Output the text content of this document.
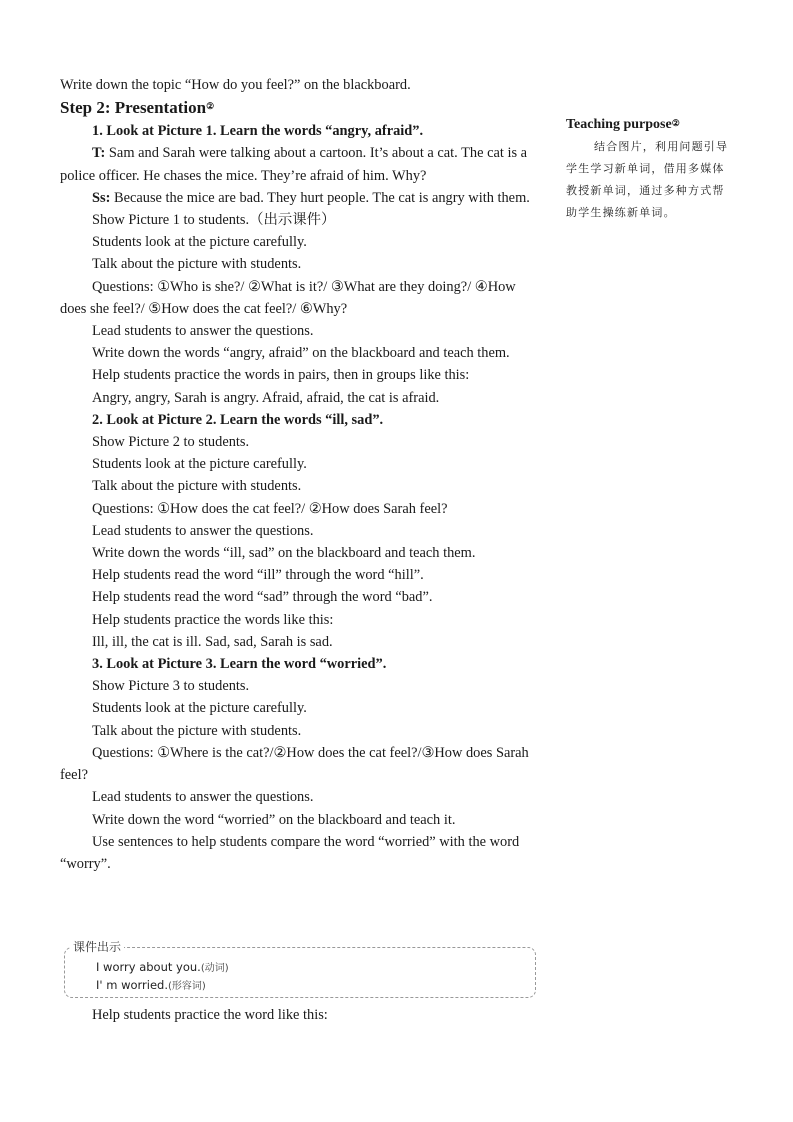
Write down the topic “How do you feel?” on the blackboard.

Step 2: Presentation②

1. Look at Picture 1. Learn the words “angry, afraid”.

T: Sam and Sarah were talking about a cartoon. It’s about a cat. The cat is a police officer. He chases the mice. They’re afraid of him. Why?

Ss: Because the mice are bad. They hurt people. The cat is angry with them.

Show Picture 1 to students.（出示课件）

Students look at the picture carefully.

Talk about the picture with students.

Questions: ①Who is she?/ ②What is it?/ ③What are they doing?/ ④How does she feel?/ ⑤How does the cat feel?/ ⑥Why?

Lead students to answer the questions.

Write down the words “angry, afraid” on the blackboard and teach them.

Help students practice the words in pairs, then in groups like this:

Angry, angry, Sarah is angry. Afraid, afraid, the cat is afraid.

2. Look at Picture 2. Learn the words “ill, sad”.

Show Picture 2 to students.

Students look at the picture carefully.

Talk about the picture with students.

Questions: ①How does the cat feel?/ ②How does Sarah feel?

Lead students to answer the questions.

Write down the words “ill, sad” on the blackboard and teach them.

Help students read the word “ill” through the word “hill”.

Help students read the word “sad” through the word “bad”.

Help students practice the words like this:

Ill, ill, the cat is ill. Sad, sad, Sarah is sad.

3. Look at Picture 3. Learn the word “worried”.

Show Picture 3 to students.

Students look at the picture carefully.

Talk about the picture with students.

Questions: ①Where is the cat?/②How does the cat feel?/③How does Sarah feel?

Lead students to answer the questions.

Write down the word “worried” on the blackboard and teach it.

Use sentences to help students compare the word “worried” with the word “worry”.

课件出示
I worry about you.(动词)
I' m worried.(形容词)

Help students practice the word like this:

Teaching purpose②

结合图片，利用问题引导学生学习新单词，借用多媒体教授新单词，通过多种方式帮助学生操练新单词。
